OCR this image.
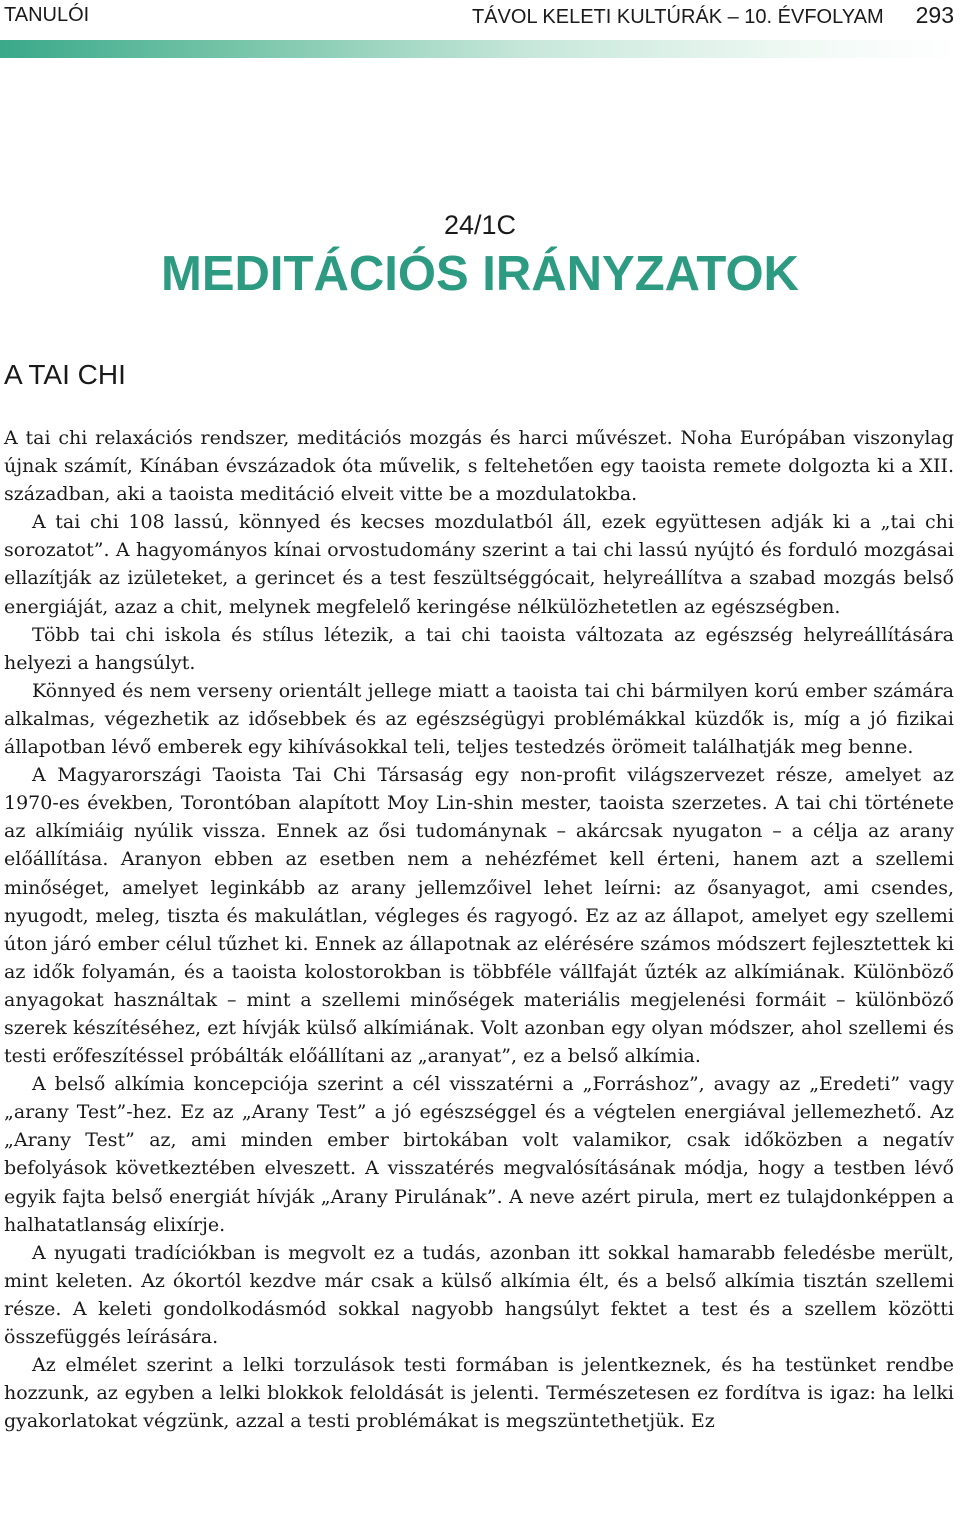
TANULÓI	TÁVOL KELETI KULTÚRÁK – 10. ÉVFOLYAM 293
24/1C
MEDITÁCIÓS IRÁNYZATOK
A TAI CHI

A tai chi relaxációs rendszer, meditációs mozgás és harci művészet. Noha Európában viszonylag újnak számít, Kínában évszázadok óta művelik, s feltehetően egy taoista remete dolgozta ki a XII. században, aki a taoista meditáció elveit vitte be a mozdulatokba.

A tai chi 108 lassú, könnyed és kecses mozdulatból áll, ezek együttesen adják ki a „tai chi sorozatot”. A hagyományos kínai orvostudomány szerint a tai chi lassú nyújtó és forduló mozgásai ellazítják az izületeket, a gerincet és a test feszültséggócait, helyreállítva a szabad mozgás belső energiáját, azaz a chit, melynek megfelelő keringése nélkülözhetetlen az egészségben.

Több tai chi iskola és stílus létezik, a tai chi taoista változata az egészség helyreállítására helyezi a hangsúlyt.

Könnyed és nem verseny orientált jellege miatt a taoista tai chi bármilyen korú ember számára alkalmas, végezhetik az idősebbek és az egészségügyi problémákkal küzdők is, míg a jó fizikai állapotban lévő emberek egy kihívásokkal teli, teljes testedzés örömeit találhatják meg benne.

A Magyarországi Taoista Tai Chi Társaság egy non-profit világszervezet része, amelyet az 1970-es években, Torontóban alapított Moy Lin-shin mester, taoista szerzetes. A tai chi története az alkímiáig nyúlik vissza. Ennek az ősi tudománynak – akárcsak nyugaton – a célja az arany előállítása. Aranyon ebben az esetben nem a nehézfémet kell érteni, hanem azt a szellemi minőséget, amelyet leginkább az arany jellemzőivel lehet leírni: az ősanyagot, ami csendes, nyugodt, meleg, tiszta és makulátlan, végleges és ragyogó. Ez az az állapot, amelyet egy szellemi úton járó ember célul tűzhet ki. Ennek az állapotnak az elérésére számos módszert fejlesztettek ki az idők folyamán, és a taoista kolostorokban is többféle vállfaját űzték az alkímiának. Különböző anyagokat használtak – mint a szellemi minőségek materiális megjelenési formáit – különböző szerek készítéséhez, ezt hívják külső alkímiának. Volt azonban egy olyan módszer, ahol szellemi és testi erőfeszítéssel próbálták előállítani az „aranyat”, ez a belső alkímia.

A belső alkímia koncepciója szerint a cél visszatérni a „Forráshoz”, avagy az „Eredeti” vagy „arany Test”-hez. Ez az „Arany Test” a jó egészséggel és a végtelen energiával jellemezhető. Az „Arany Test” az, ami minden ember birtokában volt valamikor, csak időközben a negatív befolyások következtében elveszett. A visszatérés megvalósításának módja, hogy a testben lévő egyik fajta belső energiát hívják „Arany Pirulának”. A neve azért pirula, mert ez tulajdonképpen a halhatatlanság elixírje.

A nyugati tradíciókban is megvolt ez a tudás, azonban itt sokkal hamarabb feledésbe merült, mint keleten. Az ókortól kezdve már csak a külső alkímia élt, és a belső alkímia tisztán szellemi része. A keleti gondolkodásmód sokkal nagyobb hangsúlyt fektet a test és a szellem közötti összefüggés leírására.

Az elmélet szerint a lelki torzulások testi formában is jelentkeznek, és ha testünket rendbe hozzunk, az egyben a lelki blokkok feloldását is jelenti. Természetesen ez fordítva is igaz: ha lelki gyakorlatokat végzünk, azzal a testi problémákat is megszüntethetjük. Ez
